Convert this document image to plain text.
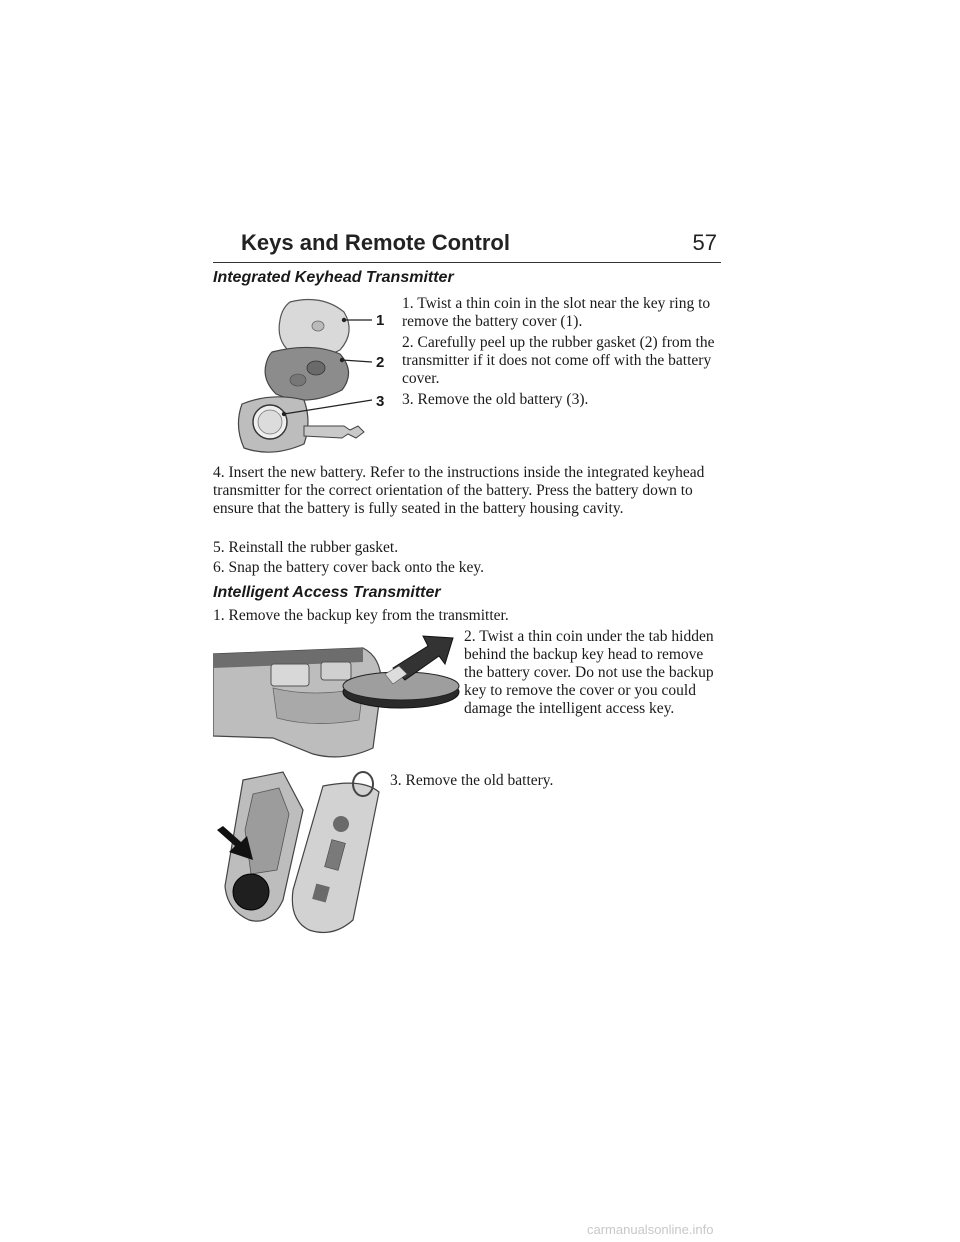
Keys and Remote Control	57
Integrated Keyhead Transmitter
1
2
3

1. Twist a thin coin in the slot near the key ring to remove the battery cover (1).

2. Carefully peel up the rubber gasket (2) from the transmitter if it does not come off with the battery cover.

3. Remove the old battery (3).

4. Insert the new battery. Refer to the instructions inside the integrated keyhead transmitter for the correct orientation of the battery. Press the battery down to ensure that the battery is fully seated in the battery housing cavity.

5. Reinstall the rubber gasket.

6. Snap the battery cover back onto the key.

Intelligent Access Transmitter

1. Remove the backup key from the transmitter.

2. Twist a thin coin under the tab hidden behind the backup key head to remove the battery cover. Do not use the backup key to remove the cover or you could damage the intelligent access key.

3. Remove the old battery.

carmanualsonline.info
